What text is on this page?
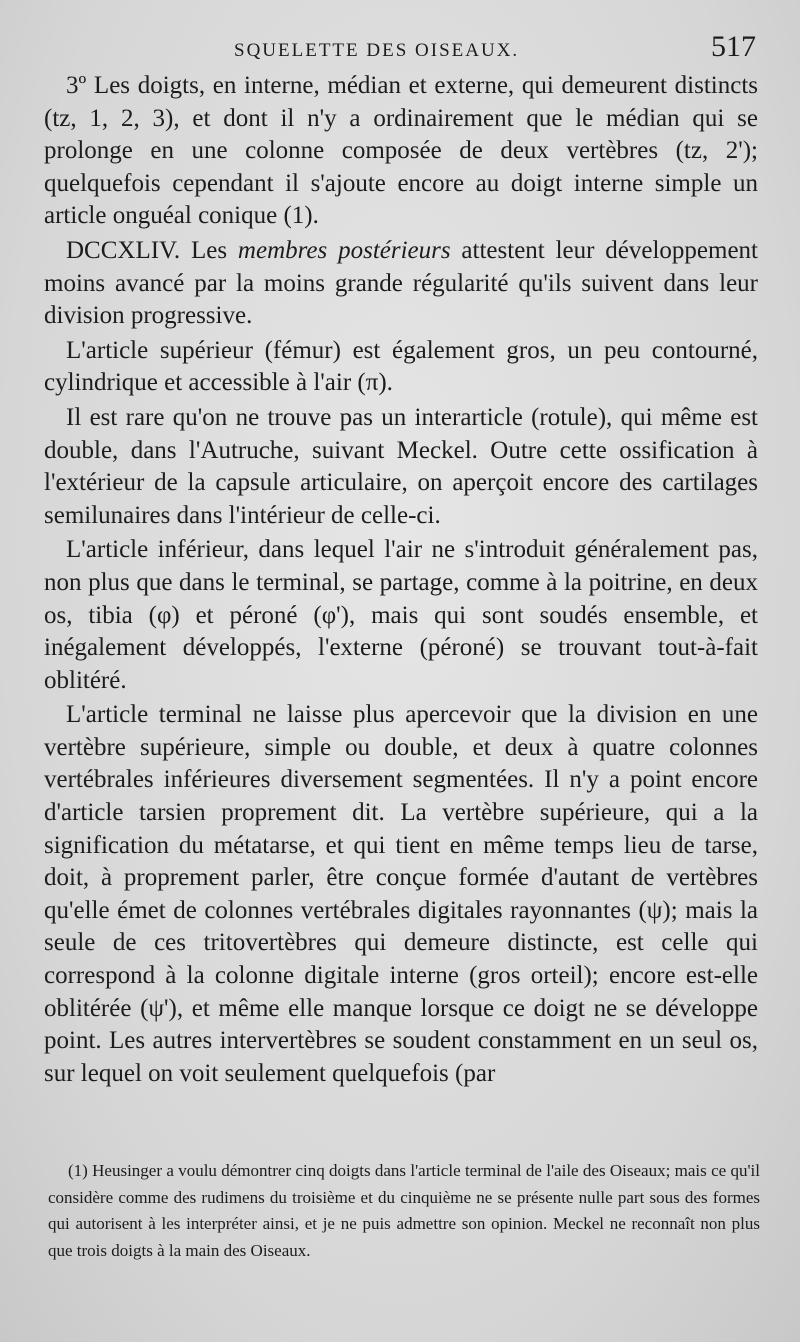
SQUELETTE DES OISEAUX.	517

3º Les doigts, en interne, médian et externe, qui demeurent distincts (tz, 1, 2, 3), et dont il n'y a ordinairement que le médian qui se prolonge en une colonne composée de deux vertèbres (tz, 2'); quelquefois cependant il s'ajoute encore au doigt interne simple un article onguéal conique (1).

DCCXLIV. Les membres postérieurs attestent leur développement moins avancé par la moins grande régularité qu'ils suivent dans leur division progressive.

L'article supérieur (fémur) est également gros, un peu contourné, cylindrique et accessible à l'air (π).

Il est rare qu'on ne trouve pas un interarticle (rotule), qui même est double, dans l'Autruche, suivant Meckel. Outre cette ossification à l'extérieur de la capsule articulaire, on aperçoit encore des cartilages semilunaires dans l'intérieur de celle-ci.

L'article inférieur, dans lequel l'air ne s'introduit généralement pas, non plus que dans le terminal, se partage, comme à la poitrine, en deux os, tibia (φ) et péroné (φ'), mais qui sont soudés ensemble, et inégalement développés, l'externe (péroné) se trouvant tout-à-fait oblitéré.

L'article terminal ne laisse plus apercevoir que la division en une vertèbre supérieure, simple ou double, et deux à quatre colonnes vertébrales inférieures diversement segmentées. Il n'y a point encore d'article tarsien proprement dit. La vertèbre supérieure, qui a la signification du métatarse, et qui tient en même temps lieu de tarse, doit, à proprement parler, être conçue formée d'autant de vertèbres qu'elle émet de colonnes vertébrales digitales rayonnantes (ψ); mais la seule de ces tritovertèbres qui demeure distincte, est celle qui correspond à la colonne digitale interne (gros orteil); encore est-elle oblitérée (ψ'), et même elle manque lorsque ce doigt ne se développe point. Les autres intervertèbres se soudent constamment en un seul os, sur lequel on voit seulement quelquefois (par

(1) Heusinger a voulu démontrer cinq doigts dans l'article terminal de l'aile des Oiseaux; mais ce qu'il considère comme des rudimens du troisième et du cinquième ne se présente nulle part sous des formes qui autorisent à les interpréter ainsi, et je ne puis admettre son opinion. Meckel ne reconnaît non plus que trois doigts à la main des Oiseaux.
